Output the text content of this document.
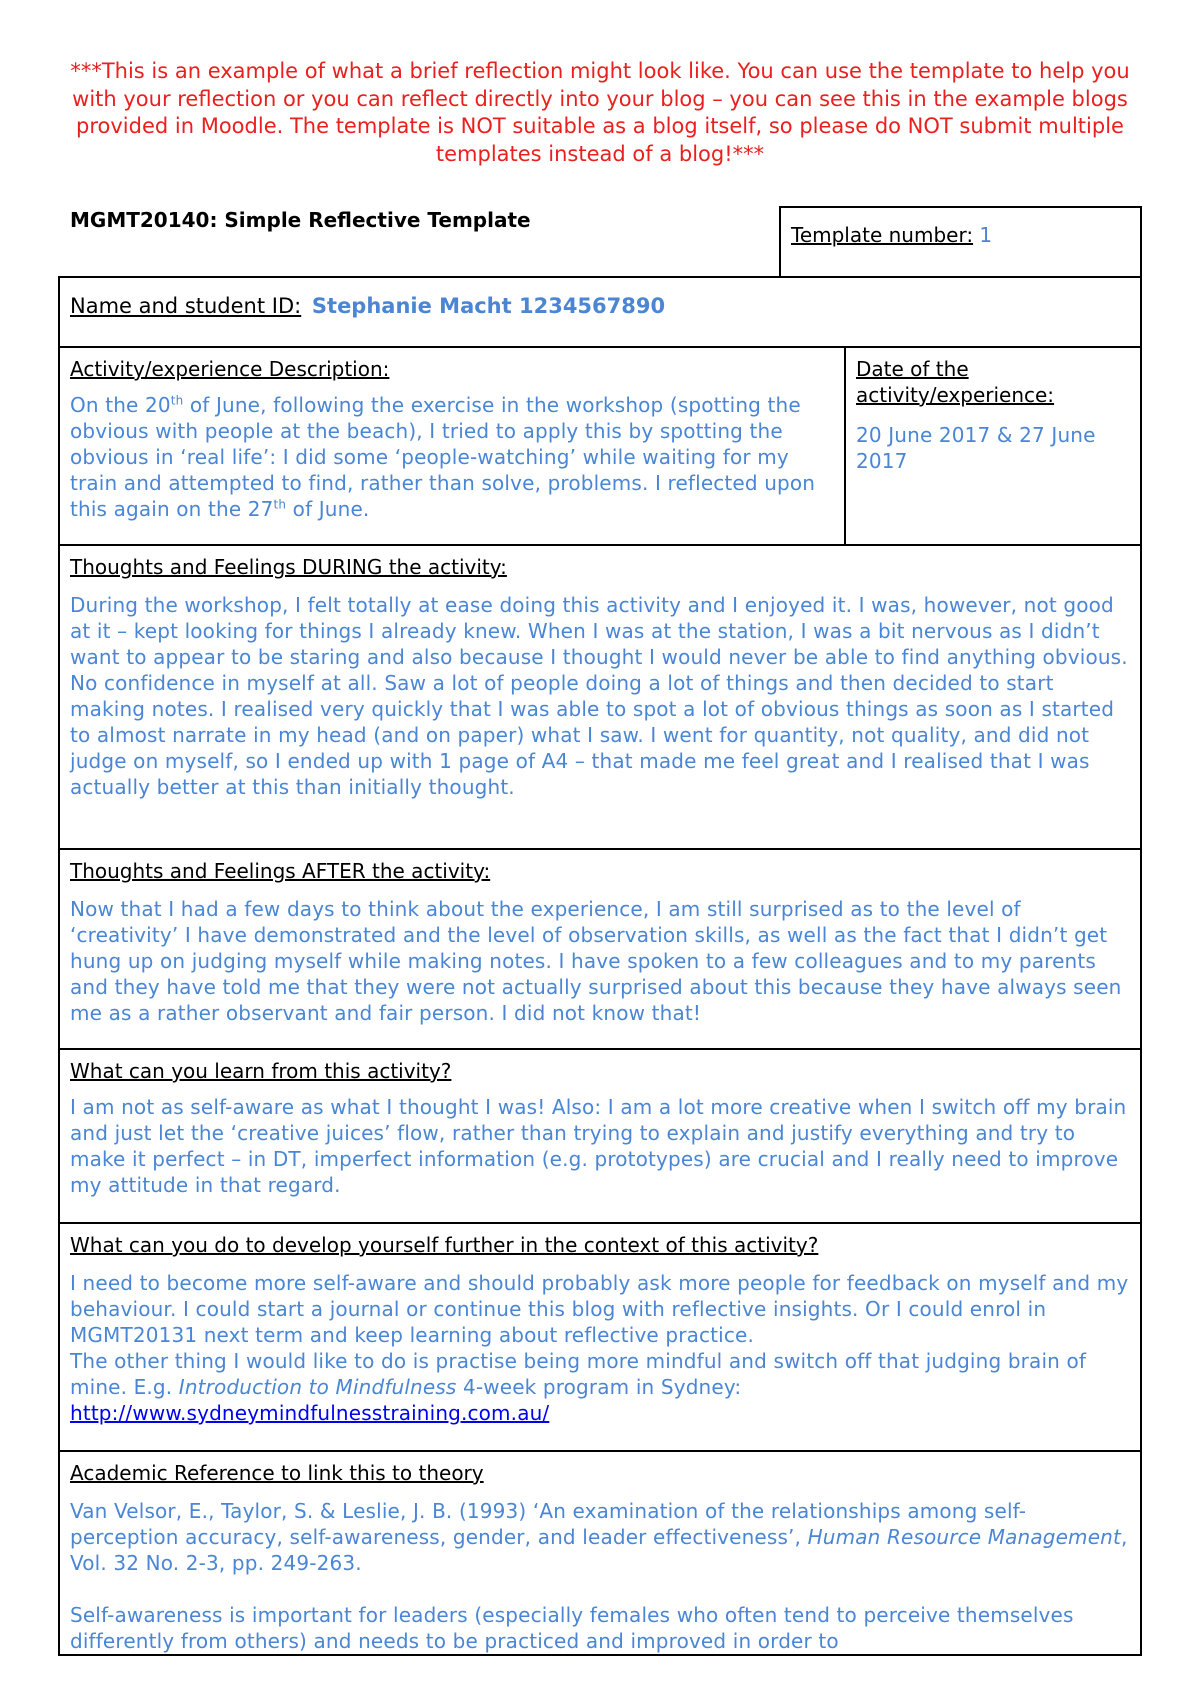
***This is an example of what a brief reflection might look like. You can use the template to help you with your reflection or you can reflect directly into your blog – you can see this in the example blogs provided in Moodle. The template is NOT suitable as a blog itself, so please do NOT submit multiple templates instead of a blog!***
MGMT20140: Simple Reflective Template
Template number: 1
Name and student ID: Stephanie Macht 1234567890
Activity/experience Description:
On the 20th of June, following the exercise in the workshop (spotting the obvious with people at the beach), I tried to apply this by spotting the obvious in ‘real life’: I did some ‘people-watching’ while waiting for my train and attempted to find, rather than solve, problems. I reflected upon this again on the 27th of June.
Date of the activity/experience:
20 June 2017 & 27 June 2017
Thoughts and Feelings DURING the activity:
During the workshop, I felt totally at ease doing this activity and I enjoyed it. I was, however, not good at it – kept looking for things I already knew. When I was at the station, I was a bit nervous as I didn’t want to appear to be staring and also because I thought I would never be able to find anything obvious. No confidence in myself at all. Saw a lot of people doing a lot of things and then decided to start making notes. I realised very quickly that I was able to spot a lot of obvious things as soon as I started to almost narrate in my head (and on paper) what I saw. I went for quantity, not quality, and did not judge on myself, so I ended up with 1 page of A4 – that made me feel great and I realised that I was actually better at this than initially thought.
Thoughts and Feelings AFTER the activity:
Now that I had a few days to think about the experience, I am still surprised as to the level of ‘creativity’ I have demonstrated and the level of observation skills, as well as the fact that I didn’t get hung up on judging myself while making notes. I have spoken to a few colleagues and to my parents and they have told me that they were not actually surprised about this because they have always seen me as a rather observant and fair person. I did not know that!
What can you learn from this activity?
I am not as self-aware as what I thought I was! Also: I am a lot more creative when I switch off my brain and just let the ‘creative juices’ flow, rather than trying to explain and justify everything and try to make it perfect – in DT, imperfect information (e.g. prototypes) are crucial and I really need to improve my attitude in that regard.
What can you do to develop yourself further in the context of this activity?

I need to become more self-aware and should probably ask more people for feedback on myself and my behaviour. I could start a journal or continue this blog with reflective insights. Or I could enrol in MGMT20131 next term and keep learning about reflective practice.

The other thing I would like to do is practise being more mindful and switch off that judging brain of mine. E.g. Introduction to Mindfulness 4-week program in Sydney:

http://www.sydneymindfulnesstraining.com.au/

Academic Reference to link this to theory
Van Velsor, E., Taylor, S. & Leslie, J. B. (1993) ‘An examination of the relationships among self-perception accuracy, self-awareness, gender, and leader effectiveness’, Human Resource Management, Vol. 32 No. 2-3, pp. 249-263.
Self-awareness is important for leaders (especially females who often tend to perceive themselves differently from others) and needs to be practiced and improved in order to
